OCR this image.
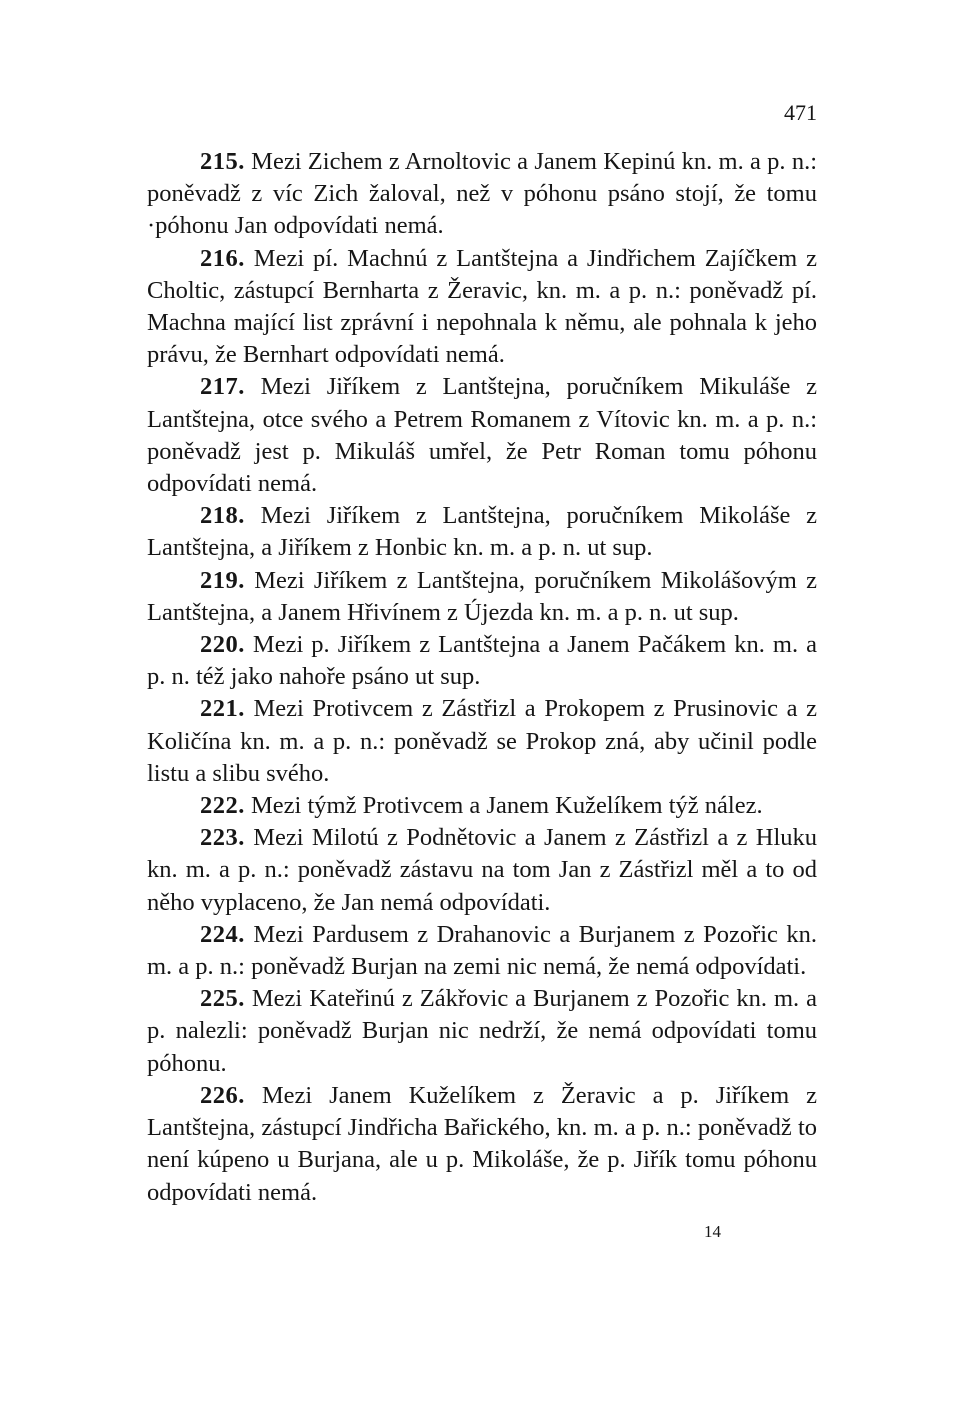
471

215. Mezi Zichem z Arnoltovic a Janem Kepinú kn. m. a p. n.: poněvadž z víc Zich žaloval, než v póhonu psáno stojí, že tomu ·póhonu Jan odpovídati nemá.

216. Mezi pí. Machnú z Lantštejna a Jindřichem Zajíčkem z Choltic, zástupcí Bernharta z Žeravic, kn. m. a p. n.: poněvadž pí. Machna mající list zprávní i nepohnala k němu, ale pohnala k jeho právu, že Bernhart odpovídati nemá.

217. Mezi Jiříkem z Lantštejna, poručníkem Mikuláše z Lantštejna, otce svého a Petrem Romanem z Vítovic kn. m. a p. n.: poněvadž jest p. Mikuláš umřel, že Petr Roman tomu póhonu odpovídati nemá.

218. Mezi Jiříkem z Lantštejna, poručníkem Mikoláše z Lantštejna, a Jiříkem z Honbic kn. m. a p. n. ut sup.

219. Mezi Jiříkem z Lantštejna, poručníkem Mikolášovým z Lantštejna, a Janem Hřivínem z Újezda kn. m. a p. n. ut sup.

220. Mezi p. Jiříkem z Lantštejna a Janem Pačákem kn. m. a p. n. též jako nahoře psáno ut sup.

221. Mezi Protivcem z Zástřizl a Prokopem z Prusinovic a z Količína kn. m. a p. n.: poněvadž se Prokop zná, aby učinil podle listu a slibu svého.

222. Mezi týmž Protivcem a Janem Kuželíkem týž nález.

223. Mezi Milotú z Podnětovic a Janem z Zástřizl a z Hluku kn. m. a p. n.: poněvadž zástavu na tom Jan z Zástřizl měl a to od něho vyplaceno, že Jan nemá odpovídati.

224. Mezi Pardusem z Drahanovic a Burjanem z Pozořic kn. m. a p. n.: poněvadž Burjan na zemi nic nemá, že nemá odpovídati.

225. Mezi Kateřinú z Zákřovic a Burjanem z Pozořic kn. m. a p. nalezli: poněvadž Burjan nic nedrží, že nemá odpovídati tomu póhonu.

226. Mezi Janem Kuželíkem z Žeravic a p. Jiříkem z Lantštejna, zástupcí Jindřicha Bařického, kn. m. a p. n.: poněvadž to není kúpeno u Burjana, ale u p. Mikoláše, že p. Jiřík tomu póhonu odpovídati nemá.

14
